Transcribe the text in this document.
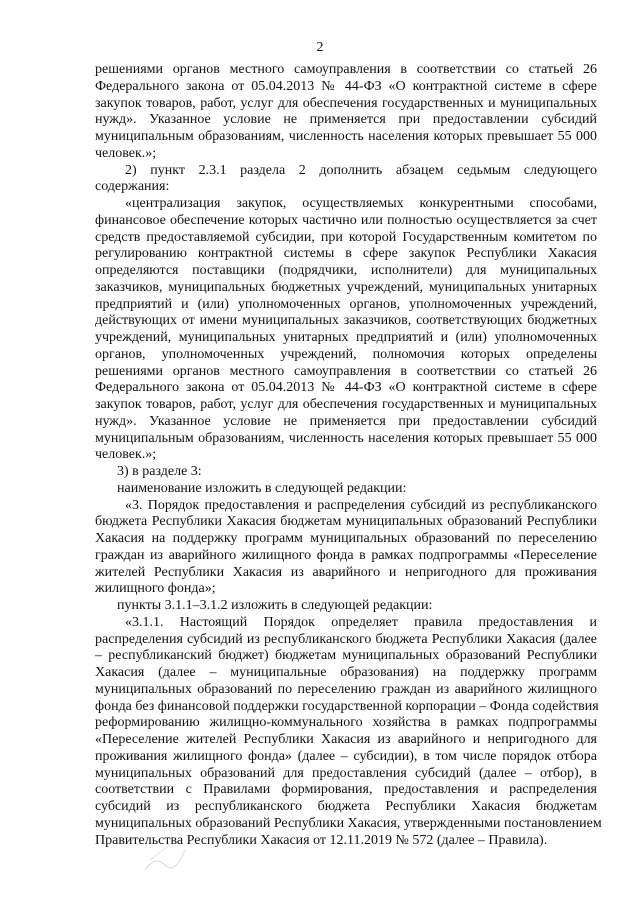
2
решениями органов местного самоуправления в соответствии со статьей 26
Федерального закона от 05.04.2013 № 44-ФЗ «О контрактной системе в сфере
закупок товаров, работ, услуг для обеспечения государственных и муниципальных
нужд». Указанное условие не применяется при предоставлении субсидий
муниципальным образованиям, численность населения которых превышает 55 000
человек.»;
2) пункт 2.3.1 раздела 2 дополнить абзацем седьмым следующего
содержания:
«централизация закупок, осуществляемых конкурентными способами,
финансовое обеспечение которых частично или полностью осуществляется за счет
средств предоставляемой субсидии, при которой Государственным комитетом по
регулированию контрактной системы в сфере закупок Республики Хакасия
определяются поставщики (подрядчики, исполнители) для муниципальных
заказчиков, муниципальных бюджетных учреждений, муниципальных унитарных
предприятий и (или) уполномоченных органов, уполномоченных учреждений,
действующих от имени муниципальных заказчиков, соответствующих бюджетных
учреждений, муниципальных унитарных предприятий и (или) уполномоченных
органов, уполномоченных учреждений, полномочия которых определены
решениями органов местного самоуправления в соответствии со статьей 26
Федерального закона от 05.04.2013 № 44-ФЗ «О контрактной системе в сфере
закупок товаров, работ, услуг для обеспечения государственных и муниципальных
нужд». Указанное условие не применяется при предоставлении субсидий
муниципальным образованиям, численность населения которых превышает 55 000
человек.»;
3) в разделе 3:
наименование изложить в следующей редакции:
«3. Порядок предоставления и распределения субсидий из республиканского
бюджета Республики Хакасия бюджетам муниципальных образований Республики
Хакасия на поддержку программ муниципальных образований по переселению
граждан из аварийного жилищного фонда в рамках подпрограммы «Переселение
жителей Республики Хакасия из аварийного и непригодного для проживания
жилищного фонда»;
пункты 3.1.1–3.1.2 изложить в следующей редакции:
«3.1.1. Настоящий Порядок определяет правила предоставления и
распределения субсидий из республиканского бюджета Республики Хакасия (далее
– республиканский бюджет) бюджетам муниципальных образований Республики
Хакасия (далее – муниципальные образования) на поддержку программ
муниципальных образований по переселению граждан из аварийного жилищного
фонда без финансовой поддержки государственной корпорации – Фонда содействия
реформированию жилищно-коммунального хозяйства в рамках подпрограммы
«Переселение жителей Республики Хакасия из аварийного и непригодного для
проживания жилищного фонда» (далее – субсидии), в том числе порядок отбора
муниципальных образований для предоставления субсидий (далее – отбор), в
соответствии с Правилами формирования, предоставления и распределения
субсидий из республиканского бюджета Республики Хакасия бюджетам
муниципальных образований Республики Хакасия, утвержденными постановлением
Правительства Республики Хакасия от 12.11.2019 № 572 (далее – Правила).
